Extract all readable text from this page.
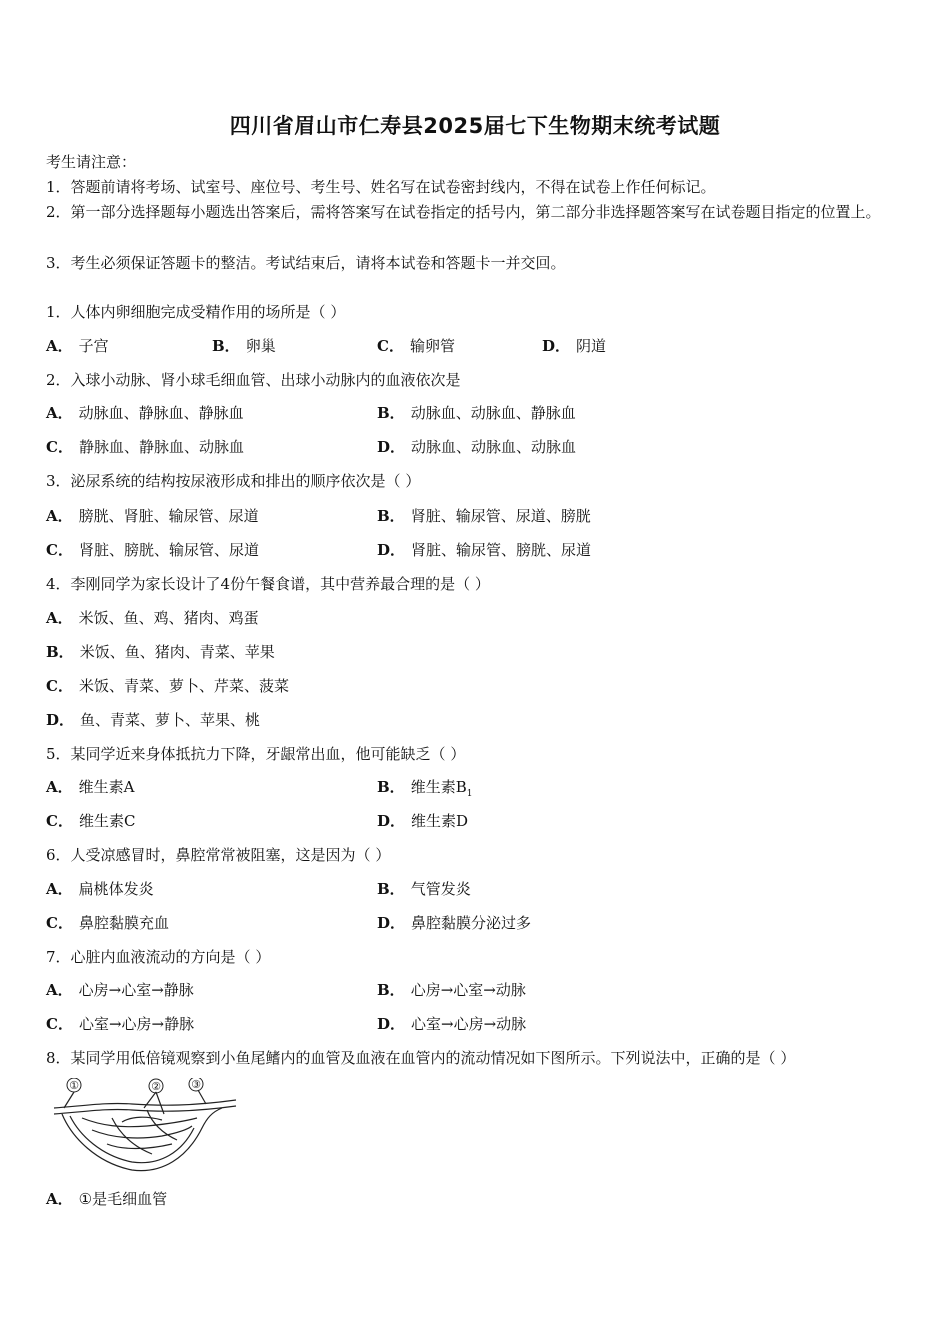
四川省眉山市仁寿县2025届七下生物期末统考试题
考生请注意：
1．答题前请将考场、试室号、座位号、考生号、姓名写在试卷密封线内，不得在试卷上作任何标记。
2．第一部分选择题每小题选出答案后，需将答案写在试卷指定的括号内，第二部分非选择题答案写在试卷题目指定的位置上。
3．考生必须保证答题卡的整洁。考试结束后，请将本试卷和答题卡一并交回。
1．人体内卵细胞完成受精作用的场所是（ ）
A． 子宫	B． 卵巢	C． 输卵管	D． 阴道
2．入球小动脉、肾小球毛细血管、出球小动脉内的血液依次是
A． 动脉血、静脉血、静脉血	B． 动脉血、动脉血、静脉血
C． 静脉血、静脉血、动脉血	D． 动脉血、动脉血、动脉血
3．泌尿系统的结构按尿液形成和排出的顺序依次是（ ）
A． 膀胱、肾脏、输尿管、尿道	B． 肾脏、输尿管、尿道、膀胱
C． 肾脏、膀胱、输尿管、尿道	D． 肾脏、输尿管、膀胱、尿道
4．李刚同学为家长设计了4份午餐食谱，其中营养最合理的是（ ）
A． 米饭、鱼、鸡、猪肉、鸡蛋
B． 米饭、鱼、猪肉、青菜、苹果
C． 米饭、青菜、萝卜、芹菜、菠菜
D． 鱼、青菜、萝卜、苹果、桃
5．某同学近来身体抵抗力下降，牙龈常出血，他可能缺乏（ ）
A． 维生素A	B． 维生素$B_1$
C． 维生素C	D． 维生素D
6．人受凉感冒时，鼻腔常常被阻塞，这是因为（ ）
A． 扁桃体发炎	B． 气管发炎
C． 鼻腔黏膜充血	D． 鼻腔黏膜分泌过多
7．心脏内血液流动的方向是（ ）
A． 心房→心室→静脉	B． 心房→心室→动脉
C． 心室→心房→静脉	D． 心室→心房→动脉
8．某同学用低倍镜观察到小鱼尾鳍内的血管及血液在血管内的流动情况如下图所示。下列说法中，正确的是（ ）
①	②	③
A． ①是毛细血管
